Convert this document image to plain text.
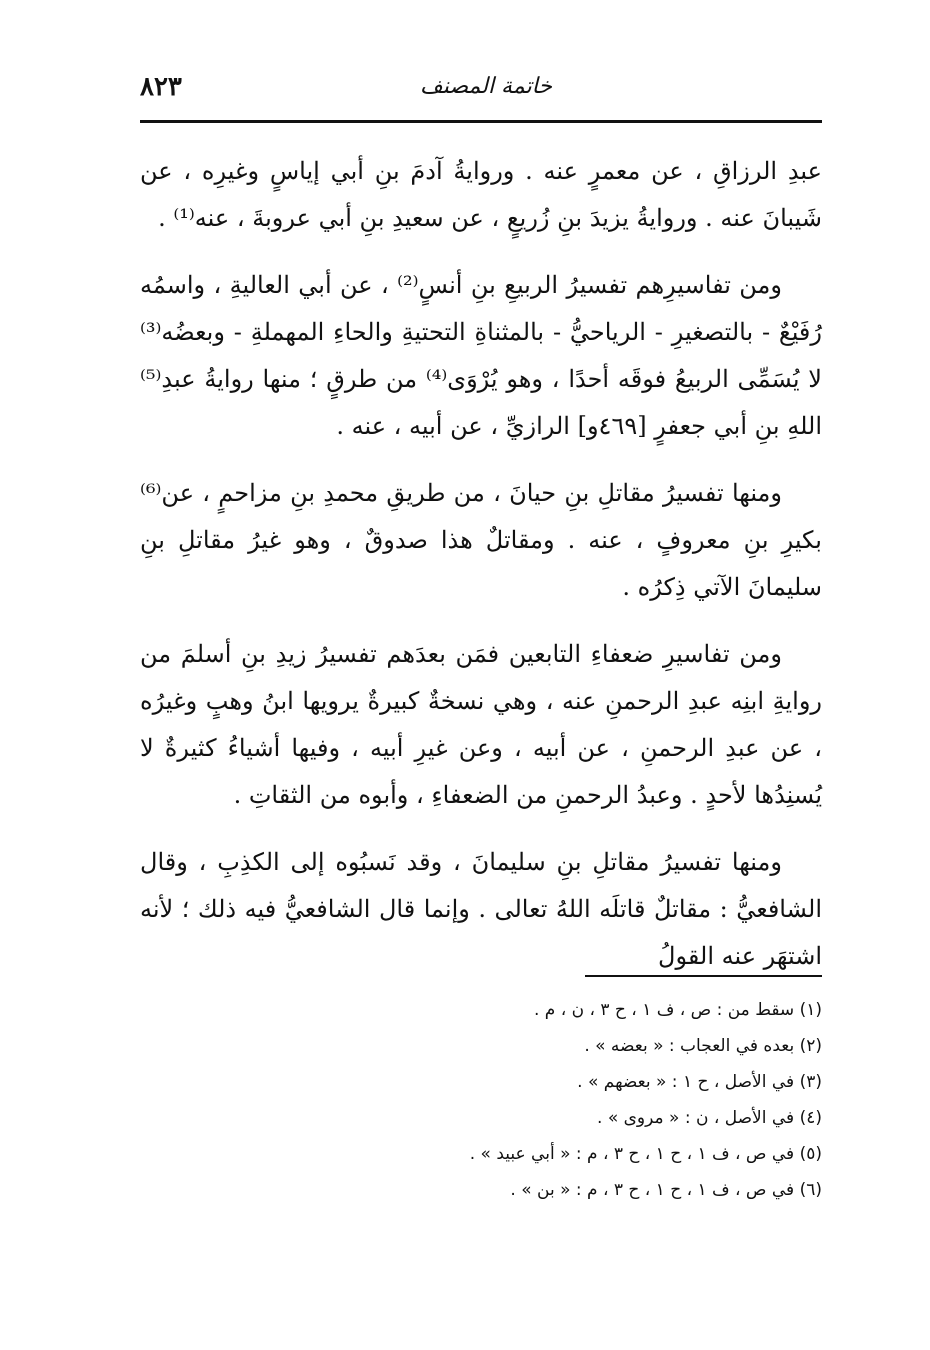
خاتمة المصنف
٨٢٣

عبدِ الرزاقِ ، عن معمرٍ عنه . وروايةُ آدمَ بنِ أبي إياسٍ وغيرِه ، عن شَيبانَ عنه . وروايةُ يزيدَ بنِ زُريعٍ ، عن سعيدِ بنِ أبي عروبةَ ، عنه⁽¹⁾ .

ومن تفاسيرِهم تفسيرُ الربيعِ بنِ أنسٍ⁽²⁾ ، عن أبي العاليةِ ، واسمُه رُفَيْعٌ - بالتصغيرِ - الرياحيُّ - بالمثناةِ التحتيةِ والحاءِ المهملةِ - وبعضُه⁽³⁾ لا يُسَمِّى الربيعُ فوقَه أحدًا ، وهو يُرْوَى⁽⁴⁾ من طرقٍ ؛ منها روايةُ عبدِ⁽⁵⁾ اللهِ بنِ أبي جعفرٍ [٤٦٩و] الرازيِّ ، عن أبيه ، عنه .

ومنها تفسيرُ مقاتلِ بنِ حيانَ ، من طريقِ محمدِ بنِ مزاحمٍ ، عن⁽⁶⁾ بكيرِ بنِ معروفٍ ، عنه . ومقاتلٌ هذا صدوقٌ ، وهو غيرُ مقاتلِ بنِ سليمانَ الآتي ذِكرُه .

ومن تفاسيرِ ضعفاءِ التابعين فمَن بعدَهم تفسيرُ زيدِ بنِ أسلمَ من روايةِ ابنِه عبدِ الرحمنِ عنه ، وهي نسخةٌ كبيرةٌ يرويها ابنُ وهبٍ وغيرُه ، عن عبدِ الرحمنِ ، عن أبيه ، وعن غيرِ أبيه ، وفيها أشياءُ كثيرةٌ لا يُسنِدُها لأحدٍ . وعبدُ الرحمنِ من الضعفاءِ ، وأبوه من الثقاتِ .

ومنها تفسيرُ مقاتلِ بنِ سليمانَ ، وقد نَسبُوه إلى الكذِبِ ، وقال الشافعيُّ : مقاتلٌ قاتلَه اللهُ تعالى . وإنما قال الشافعيُّ فيه ذلك ؛ لأنه اشتهَر عنه القولُ

(١) سقط من : ص ، ف ١ ، ح ٣ ، ن ، م .

(٢) بعده في العجاب : « بعضه » .

(٣) في الأصل ، ح ١ : « بعضهم » .

(٤) في الأصل ، ن : « مروى » .

(٥) في ص ، ف ١ ، ح ١ ، ح ٣ ، م : « أبي عبيد » .

(٦) في ص ، ف ١ ، ح ١ ، ح ٣ ، م : « بن » .
